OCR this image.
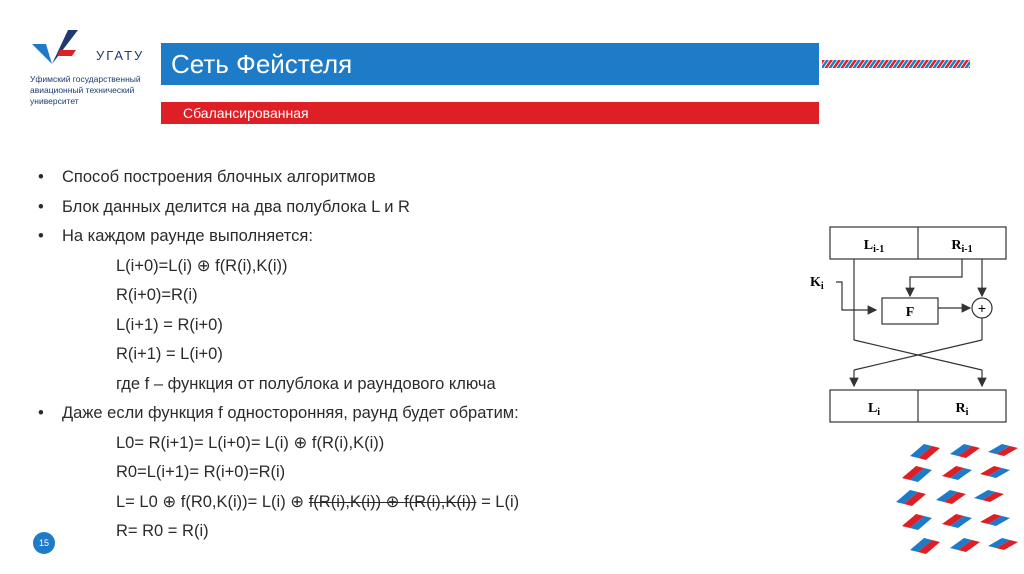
УГАТУ
Уфимский государственный
авиационный технический
университет
Сеть Фейстеля
Сбалансированная
• Способ построения блочных алгоритмов
• Блок данных делится на два полублока L и R
• На каждом раунде выполняется:
L(i+0)=L(i) ⊕ f(R(i),K(i))
R(i+0)=R(i)
L(i+1) = R(i+0)
R(i+1) = L(i+0)
где f – функция от полублока и раундового ключа
• Даже если функция f односторонняя, раунд будет обратим:
L0= R(i+1)= L(i+0)= L(i) ⊕ f(R(i),K(i))
R0=L(i+1)= R(i+0)=R(i)
L= L0 ⊕ f(R0,K(i))= L(i) ⊕ f(R(i),K(i)) ⊕ f(R(i),K(i)) = L(i)
R= R0 = R(i)
$L_{i-1}$	$R_{i-1}$
$K_i$
F	+
$L_i$	$R_i$
15
